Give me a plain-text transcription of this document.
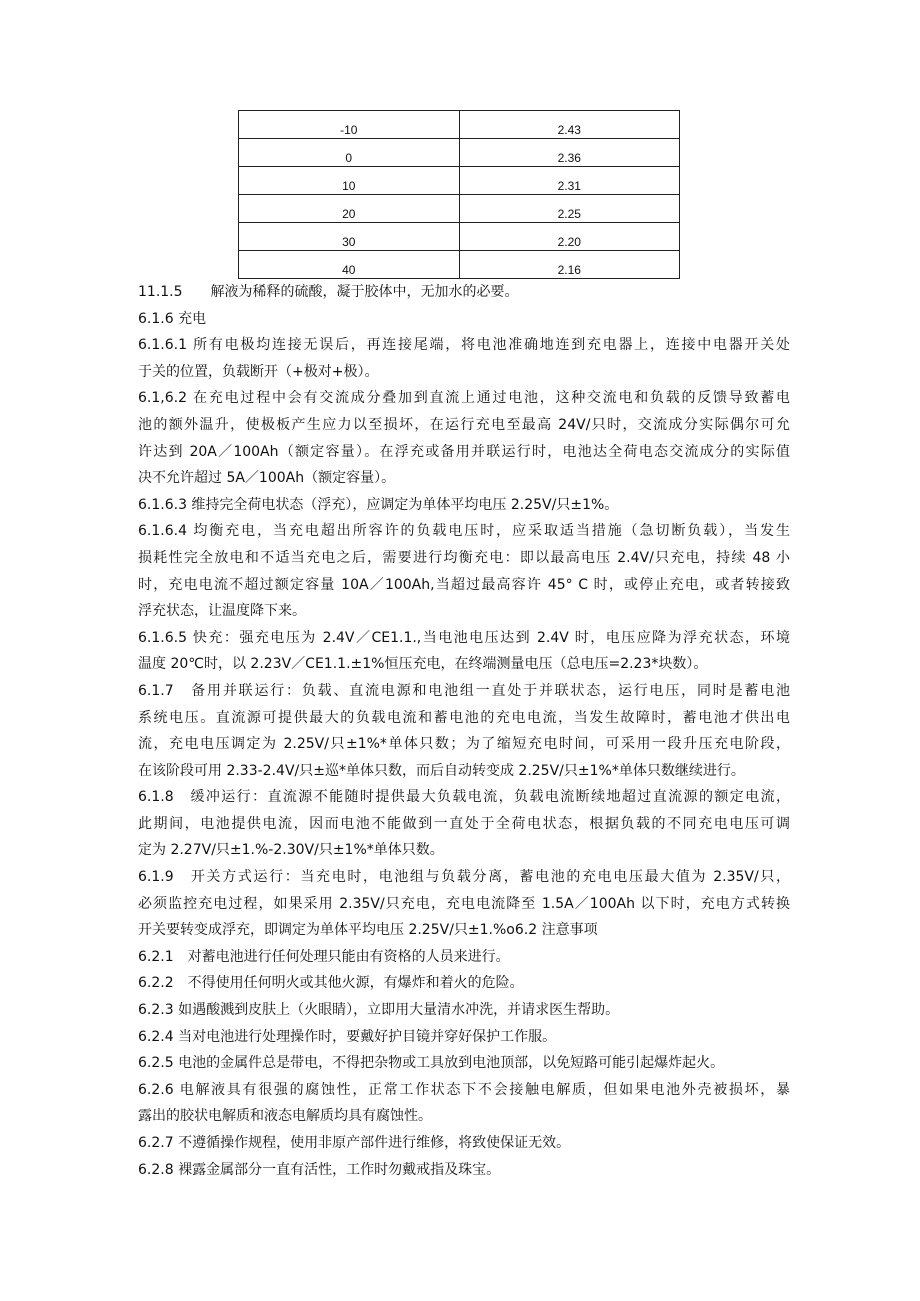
-10	2.43
0	2.36
10	2.31
20	2.25
30	2.20
40	2.16
11.1.5　　解液为稀释的硫酸，凝于胶体中，无加水的必要。
6.1.6 充电
6.1.6.1 所有电极均连接无误后，再连接尾端，将电池准确地连到充电器上，连接中电器开关处
于关的位置，负载断开（+极对+极）。
6.1,6.2 在充电过程中会有交流成分叠加到直流上通过电池，这种交流电和负载的反馈导致蓄电
池的额外温升，使极板产生应力以至损坏，在运行充电至最高 24V/只时，交流成分实际偶尔可允
许达到 20A／100Ah（额定容量）。在浮充或备用并联运行时，电池达全荷电态交流成分的实际值
决不允许超过 5A／100Ah（额定容量）。
6.1.6.3 维持完全荷电状态（浮充），应调定为单体平均电压 2.25V/只±1%。
6.1.6.4 均衡充电，当充电超出所容许的负载电压时，应采取适当措施（急切断负载），当发生
损耗性完全放电和不适当充电之后，需要进行均衡充电：即以最高电压 2.4V/只充电，持续 48 小
时，充电电流不超过额定容量 10A／100Ah,当超过最高容许 45° C 时，或停止充电，或者转接致
浮充状态，让温度降下来。
6.1.6.5 快充：强充电压为 2.4V／CE1.1.,当电池电压达到 2.4V 时，电压应降为浮充状态，环境
温度 20℃时，以 2.23V／CE1.1.±1%恒压充电，在终端测量电压（总电压=2.23*块数）。
6.1.7　备用并联运行：负载、直流电源和电池组一直处于并联状态，运行电压，同时是蓄电池
系统电压。直流源可提供最大的负载电流和蓄电池的充电电流，当发生故障时，蓄电池才供出电
流，充电电压调定为 2.25V/只±1%*单体只数；为了缩短充电时间，可采用一段升压充电阶段，
在该阶段可用 2.33-2.4V/只±巡*单体只数，而后自动转变成 2.25V/只±1%*单体只数继续进行。
6.1.8　缓冲运行：直流源不能随时提供最大负载电流，负载电流断续地超过直流源的额定电流，
此期间，电池提供电流，因而电池不能做到一直处于全荷电状态，根据负载的不同充电电压可调
定为 2.27V/只±1.%-2.30V/只±1%*单体只数。
6.1.9　开关方式运行：当充电时，电池组与负载分离，蓄电池的充电电压最大值为 2.35V/只，
必须监控充电过程，如果采用 2.35V/只充电，充电电流降至 1.5A／100Ah 以下时，充电方式转换
开关要转变成浮充，即调定为单体平均电压 2.25V/只±1.%o6.2 注意事项
6.2.1　对蓄电池进行任何处理只能由有资格的人员来进行。
6.2.2　不得使用任何明火或其他火源，有爆炸和着火的危险。
6.2.3 如遇酸溅到皮肤上（火眼睛），立即用大量清水冲洗，并请求医生帮助。
6.2.4 当对电池进行处理操作时，要戴好护目镜并穿好保护工作服。
6.2.5 电池的金属件总是带电，不得把杂物或工具放到电池顶部，以免短路可能引起爆炸起火。
6.2.6 电解液具有很强的腐蚀性，正常工作状态下不会接触电解质，但如果电池外壳被损坏，暴
露出的胶状电解质和液态电解质均具有腐蚀性。
6.2.7 不遵循操作规程，使用非原产部件进行维修，将致使保证无效。
6.2.8 裸露金属部分一直有活性，工作时勿戴戒指及珠宝。
